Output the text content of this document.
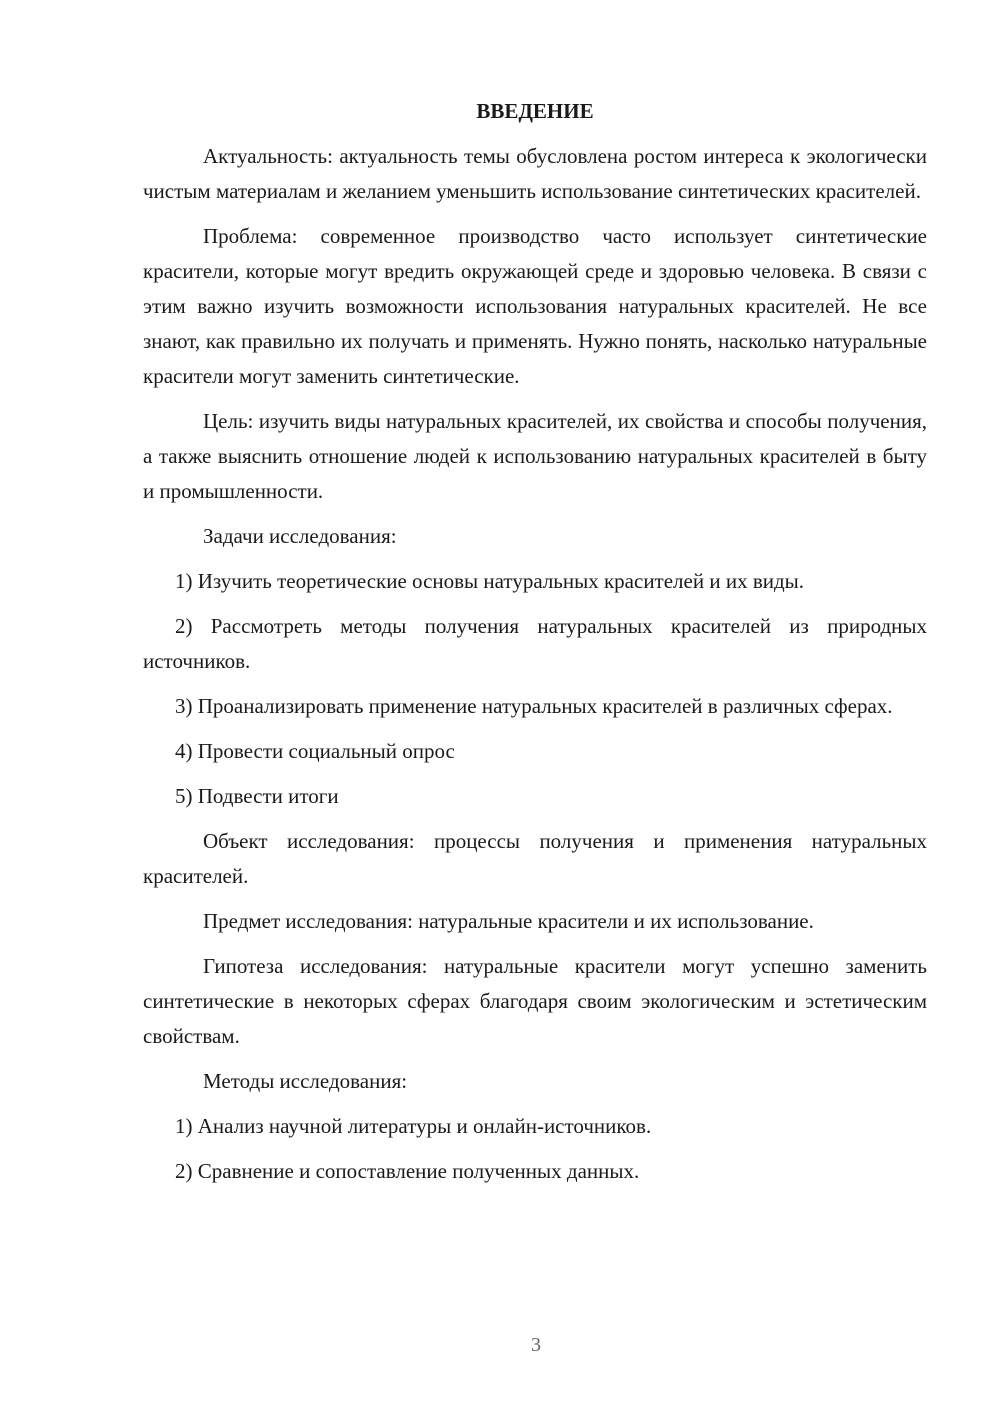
ВВЕДЕНИЕ

Актуальность: актуальность темы обусловлена ростом интереса к экологически чистым материалам и желанием уменьшить использование синтетических красителей.

Проблема: современное производство часто использует синтетические красители, которые могут вредить окружающей среде и здоровью человека. В связи с этим важно изучить возможности использования натуральных красителей. Не все знают, как правильно их получать и применять. Нужно понять, насколько натуральные красители могут заменить синтетические.

Цель: изучить виды натуральных красителей, их свойства и способы получения, а также выяснить отношение людей к использованию натуральных красителей в быту и промышленности.

Задачи исследования:

1) Изучить теоретические основы натуральных красителей и их виды.

2) Рассмотреть методы получения натуральных красителей из природных источников.

3) Проанализировать применение натуральных красителей в различных сферах.

4) Провести социальный опрос

5) Подвести итоги

Объект исследования: процессы получения и применения натуральных красителей.

Предмет исследования: натуральные красители и их использование.

Гипотеза исследования: натуральные красители могут успешно заменить синтетические в некоторых сферах благодаря своим экологическим и эстетическим свойствам.

Методы исследования:

1) Анализ научной литературы и онлайн-источников.

2) Сравнение и сопоставление полученных данных.

3
